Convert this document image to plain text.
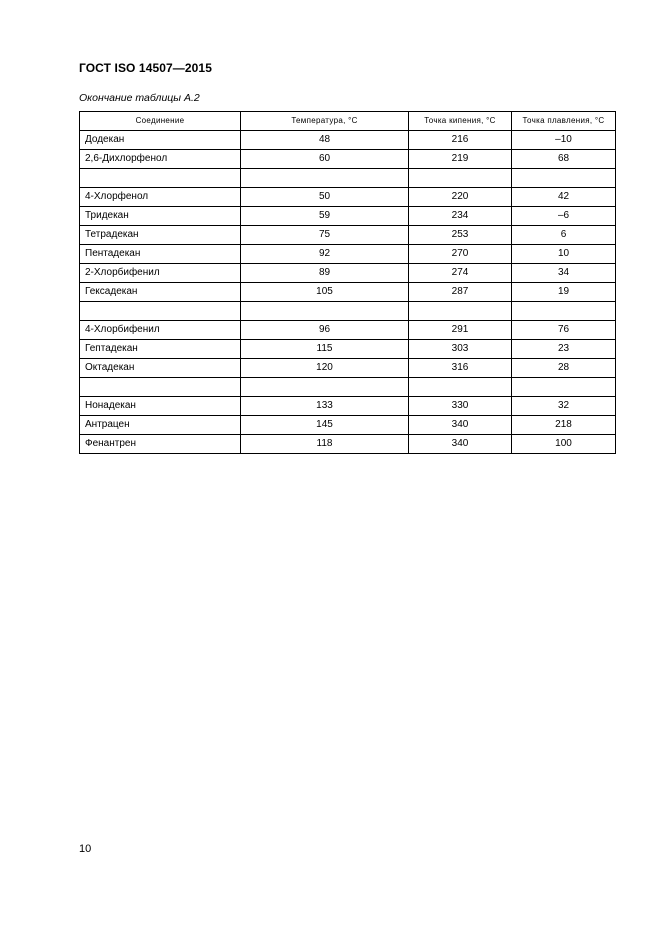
ГОСТ ISO 14507—2015
Окончание таблицы А.2
Соединение	Температура, °С	Точка кипения, °С	Точка плавления, °С
Додекан	48	216	–10
2,6-Дихлорфенол	60	219	68

4-Хлорфенол	50	220	42
Тридекан	59	234	–6
Тетрадекан	75	253	6
Пентадекан	92	270	10
2-Хлорбифенил	89	274	34
Гексадекан	105	287	19

4-Хлорбифенил	96	291	76
Гептадекан	115	303	23
Октадекан	120	316	28

Нонадекан	133	330	32
Антрацен	145	340	218
Фенантрен	118	340	100
10
